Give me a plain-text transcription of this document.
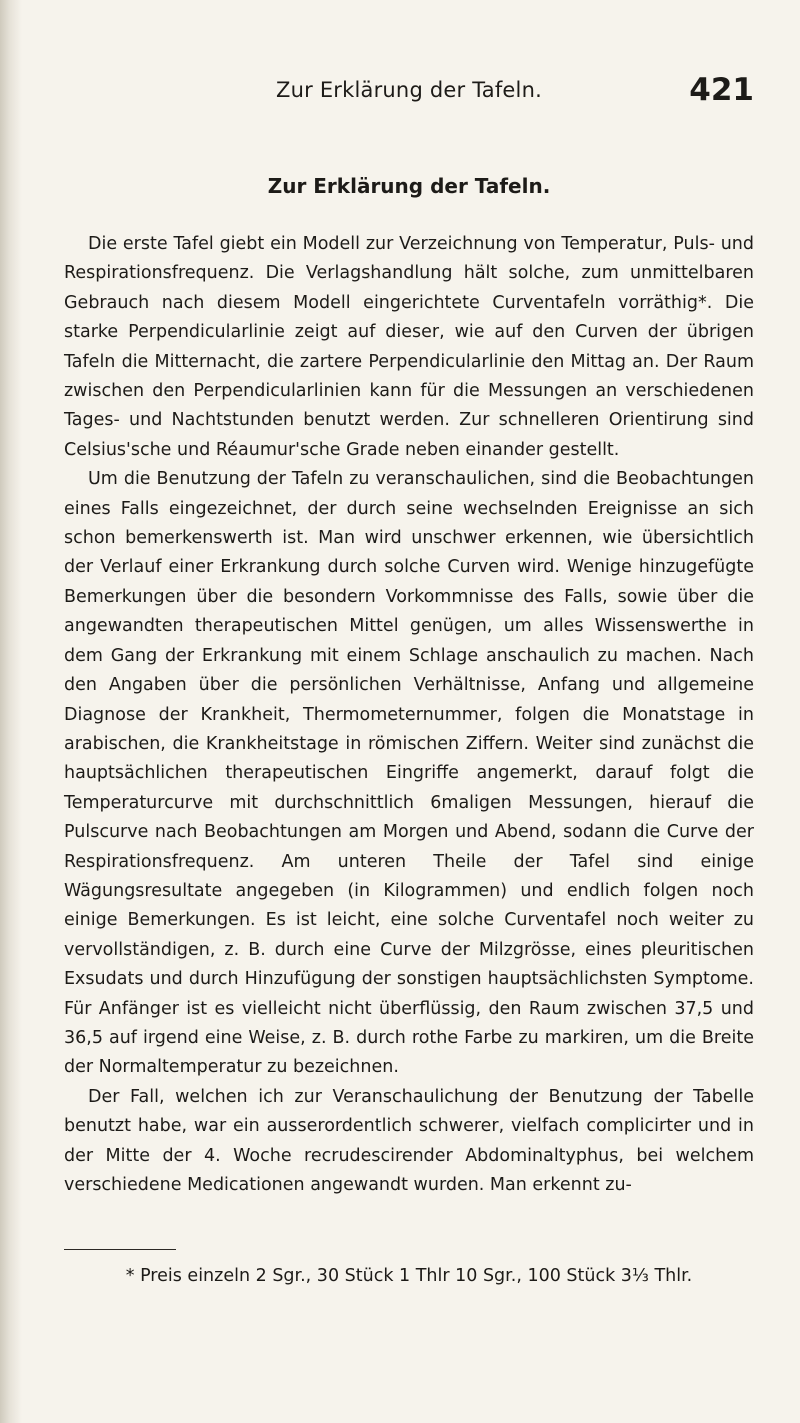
Zur Erklärung der Tafeln.	421
Zur Erklärung der Tafeln.

Die erste Tafel giebt ein Modell zur Verzeichnung von Temperatur, Puls- und Respirationsfrequenz. Die Verlagshandlung hält solche, zum unmittelbaren Gebrauch nach diesem Modell eingerichtete Curventafeln vorräthig*. Die starke Perpendicularlinie zeigt auf dieser, wie auf den Curven der übrigen Tafeln die Mitternacht, die zartere Perpendicularlinie den Mittag an. Der Raum zwischen den Perpendicularlinien kann für die Messungen an verschiedenen Tages- und Nachtstunden benutzt werden. Zur schnelleren Orientirung sind Celsius'sche und Réaumur'sche Grade neben einander gestellt.

Um die Benutzung der Tafeln zu veranschaulichen, sind die Beobachtungen eines Falls eingezeichnet, der durch seine wechselnden Ereignisse an sich schon bemerkenswerth ist. Man wird unschwer erkennen, wie übersichtlich der Verlauf einer Erkrankung durch solche Curven wird. Wenige hinzugefügte Bemerkungen über die besondern Vorkommnisse des Falls, sowie über die angewandten therapeutischen Mittel genügen, um alles Wissenswerthe in dem Gang der Erkrankung mit einem Schlage anschaulich zu machen. Nach den Angaben über die persönlichen Verhältnisse, Anfang und allgemeine Diagnose der Krankheit, Thermometernummer, folgen die Monatstage in arabischen, die Krankheitstage in römischen Ziffern. Weiter sind zunächst die hauptsächlichen therapeutischen Eingriffe angemerkt, darauf folgt die Temperaturcurve mit durchschnittlich 6maligen Messungen, hierauf die Pulscurve nach Beobachtungen am Morgen und Abend, sodann die Curve der Respirationsfrequenz. Am unteren Theile der Tafel sind einige Wägungsresultate angegeben (in Kilogrammen) und endlich folgen noch einige Bemerkungen. Es ist leicht, eine solche Curventafel noch weiter zu vervollständigen, z. B. durch eine Curve der Milzgrösse, eines pleuritischen Exsudats und durch Hinzufügung der sonstigen hauptsächlichsten Symptome. Für Anfänger ist es vielleicht nicht überflüssig, den Raum zwischen 37,5 und 36,5 auf irgend eine Weise, z. B. durch rothe Farbe zu markiren, um die Breite der Normaltemperatur zu bezeichnen.

Der Fall, welchen ich zur Veranschaulichung der Benutzung der Tabelle benutzt habe, war ein ausserordentlich schwerer, vielfach complicirter und in der Mitte der 4. Woche recrudescirender Abdominaltyphus, bei welchem verschiedene Medicationen angewandt wurden. Man erkennt zu-

* Preis einzeln 2 Sgr., 30 Stück 1 Thlr 10 Sgr., 100 Stück 3⅓ Thlr.
